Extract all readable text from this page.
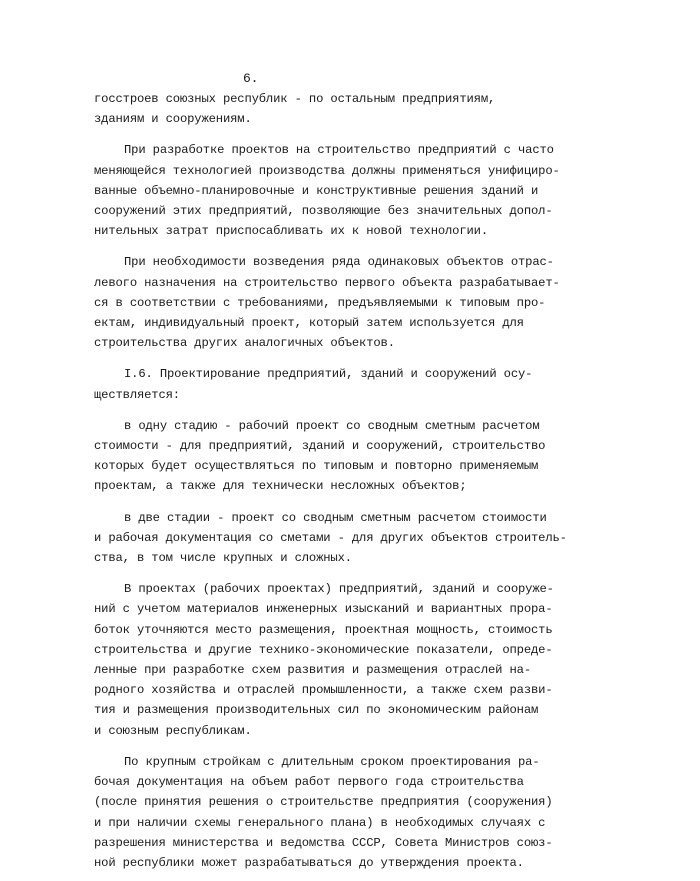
6.
госстроев союзных республик - по остальным предприятиям,
зданиям и сооружениям.
При разработке проектов на строительство предприятий с часто
меняющейся технологией производства должны применяться унифициро-
ванные объемно-планировочные и конструктивные решения зданий и
сооружений этих предприятий, позволяющие без значительных допол-
нительных затрат приспосабливать их к новой технологии.
При необходимости возведения ряда одинаковых объектов отрас-
левого назначения на строительство первого объекта разрабатывает-
ся в соответствии с требованиями, предъявляемыми к типовым про-
ектам, индивидуальный проект, который затем используется для
строительства других аналогичных объектов.
I.6. Проектирование предприятий, зданий и сооружений осу-
ществляется:
в одну стадию - рабочий проект со сводным сметным расчетом
стоимости - для предприятий, зданий и сооружений, строительство
которых будет осуществляться по типовым и повторно применяемым
проектам, а также для технически несложных объектов;
в две стадии - проект со сводным сметным расчетом стоимости
и рабочая документация со сметами - для других объектов строитель-
ства, в том числе крупных и сложных.
В проектах (рабочих проектах) предприятий, зданий и сооруже-
ний с учетом материалов инженерных изысканий и вариантных прора-
боток уточняются место размещения, проектная мощность, стоимость
строительства и другие технико-экономические показатели, опреде-
ленные при разработке схем развития и размещения отраслей на-
родного хозяйства и отраслей промышленности, а также схем разви-
тия и размещения производительных сил по экономическим районам
и союзным республикам.
По крупным стройкам с длительным сроком проектирования ра-
бочая документация на объем работ первого года строительства
(после принятия решения о строительстве предприятия (сооружения)
и при наличии схемы генерального плана) в необходимых случаях с
разрешения министерства и ведомства СССР, Совета Министров союз-
ной республики может разрабатываться до утверждения проекта.
